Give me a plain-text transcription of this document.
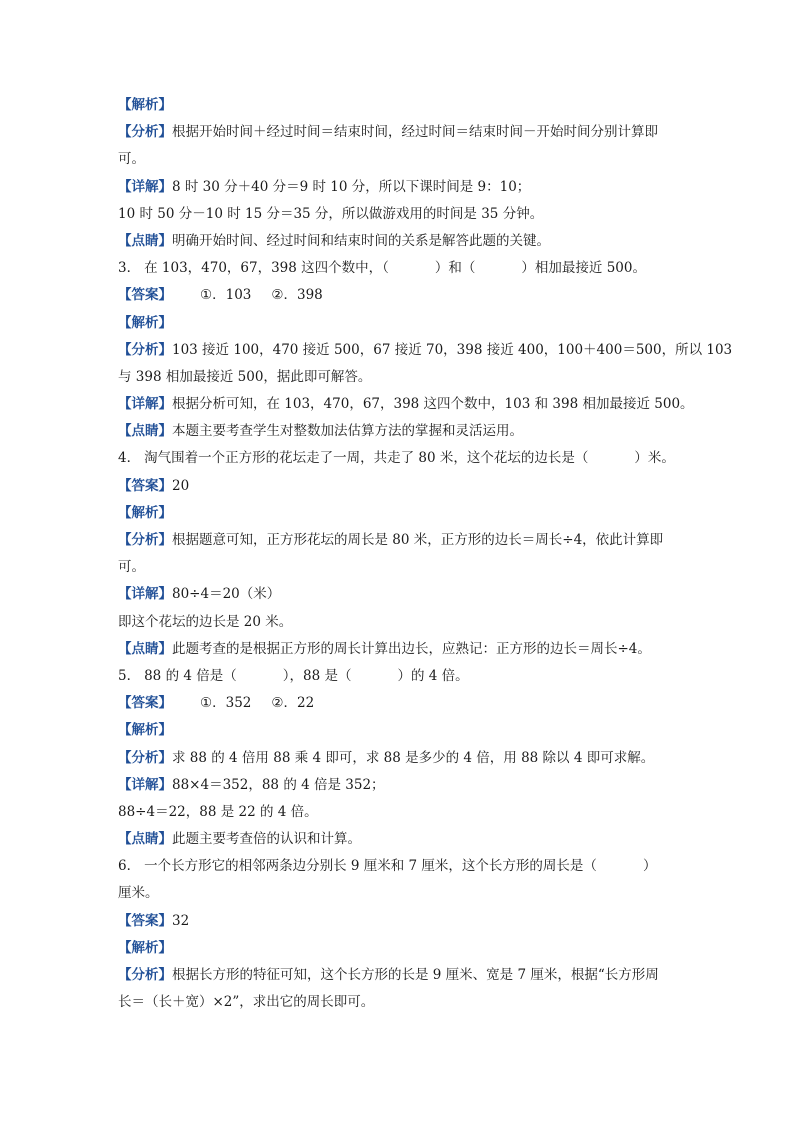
【解析】
【分析】根据开始时间＋经过时间＝结束时间，经过时间＝结束时间－开始时间分别计算即
可。
【详解】8 时 30 分＋40 分＝9 时 10 分，所以下课时间是 9：10；
10 时 50 分－10 时 15 分＝35 分，所以做游戏用的时间是 35 分钟。
【点睛】明确开始时间、经过时间和结束时间的关系是解答此题的关键。
3． 在 103，470，67，398 这四个数中，（	）和（	）相加最接近 500。
【答案】 ①．103 ②．398
【解析】
【分析】103 接近 100，470 接近 500，67 接近 70，398 接近 400，100＋400＝500，所以 103
与 398 相加最接近 500，据此即可解答。
【详解】根据分析可知，在 103，470，67，398 这四个数中，103 和 398 相加最接近 500。
【点睛】本题主要考查学生对整数加法估算方法的掌握和灵活运用。
4． 淘气围着一个正方形的花坛走了一周，共走了 80 米，这个花坛的边长是（	）米。
【答案】20
【解析】
【分析】根据题意可知，正方形花坛的周长是 80 米，正方形的边长＝周长÷4，依此计算即
可。
【详解】80÷4＝20（米）
即这个花坛的边长是 20 米。
【点睛】此题考查的是根据正方形的周长计算出边长，应熟记：正方形的边长＝周长÷4。
5． 88 的 4 倍是（	），88 是（	）的 4 倍。
【答案】 ①．352 ②．22
【解析】
【分析】求 88 的 4 倍用 88 乘 4 即可，求 88 是多少的 4 倍，用 88 除以 4 即可求解。
【详解】88×4＝352，88 的 4 倍是 352；
88÷4＝22，88 是 22 的 4 倍。
【点睛】此题主要考查倍的认识和计算。
6． 一个长方形它的相邻两条边分别长 9 厘米和 7 厘米，这个长方形的周长是（	）
厘米。
【答案】32
【解析】
【分析】根据长方形的特征可知，这个长方形的长是 9 厘米、宽是 7 厘米，根据“长方形周
长＝（长＋宽）×2”，求出它的周长即可。
